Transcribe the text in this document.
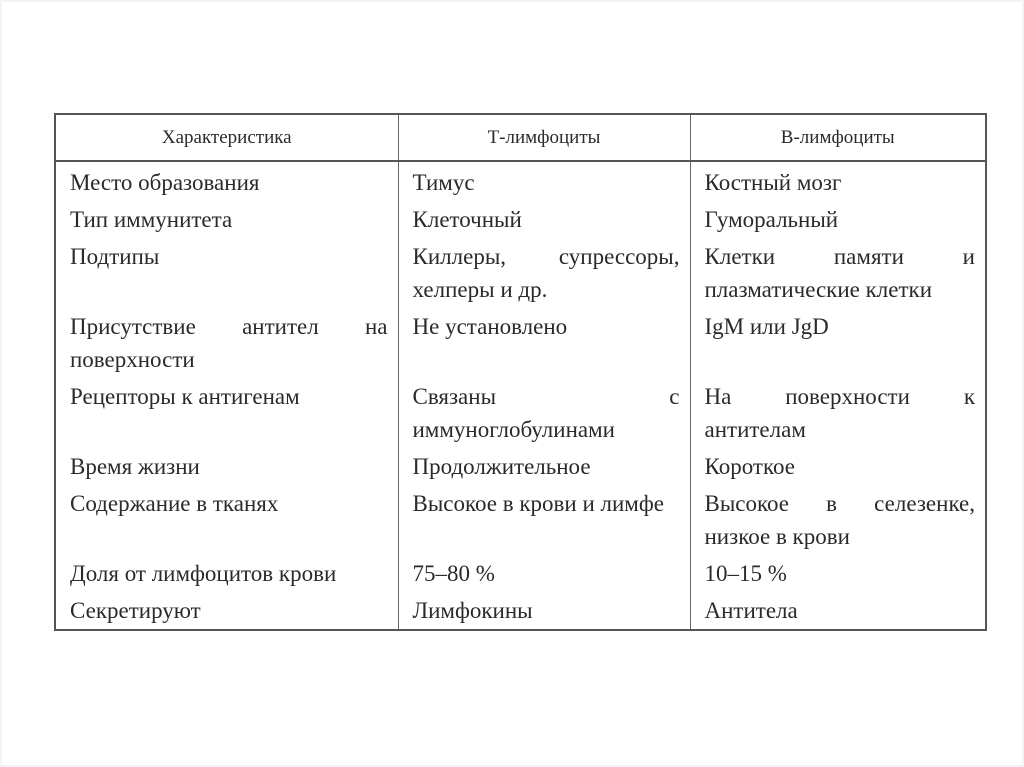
Характеристика	Т-лимфоциты	В-лимфоциты
Место образования	Тимус	Костный мозг
Тип иммунитета	Клеточный	Гуморальный
Подтипы	Киллеры, супрессоры, хелперы и др.	Клетки памяти и плазматические клетки
Присутствие антител на поверхности	Не установлено	IgM или JgD
Рецепторы к антигенам	Связаны с иммуноглобулинами	На поверхности к антителам
Время жизни	Продолжительное	Короткое
Содержание в тканях	Высокое в крови и лимфе	Высокое в селезенке, низкое в крови
Доля от лимфоцитов крови	75–80 %	10–15 %
Секретируют	Лимфокины	Антитела
